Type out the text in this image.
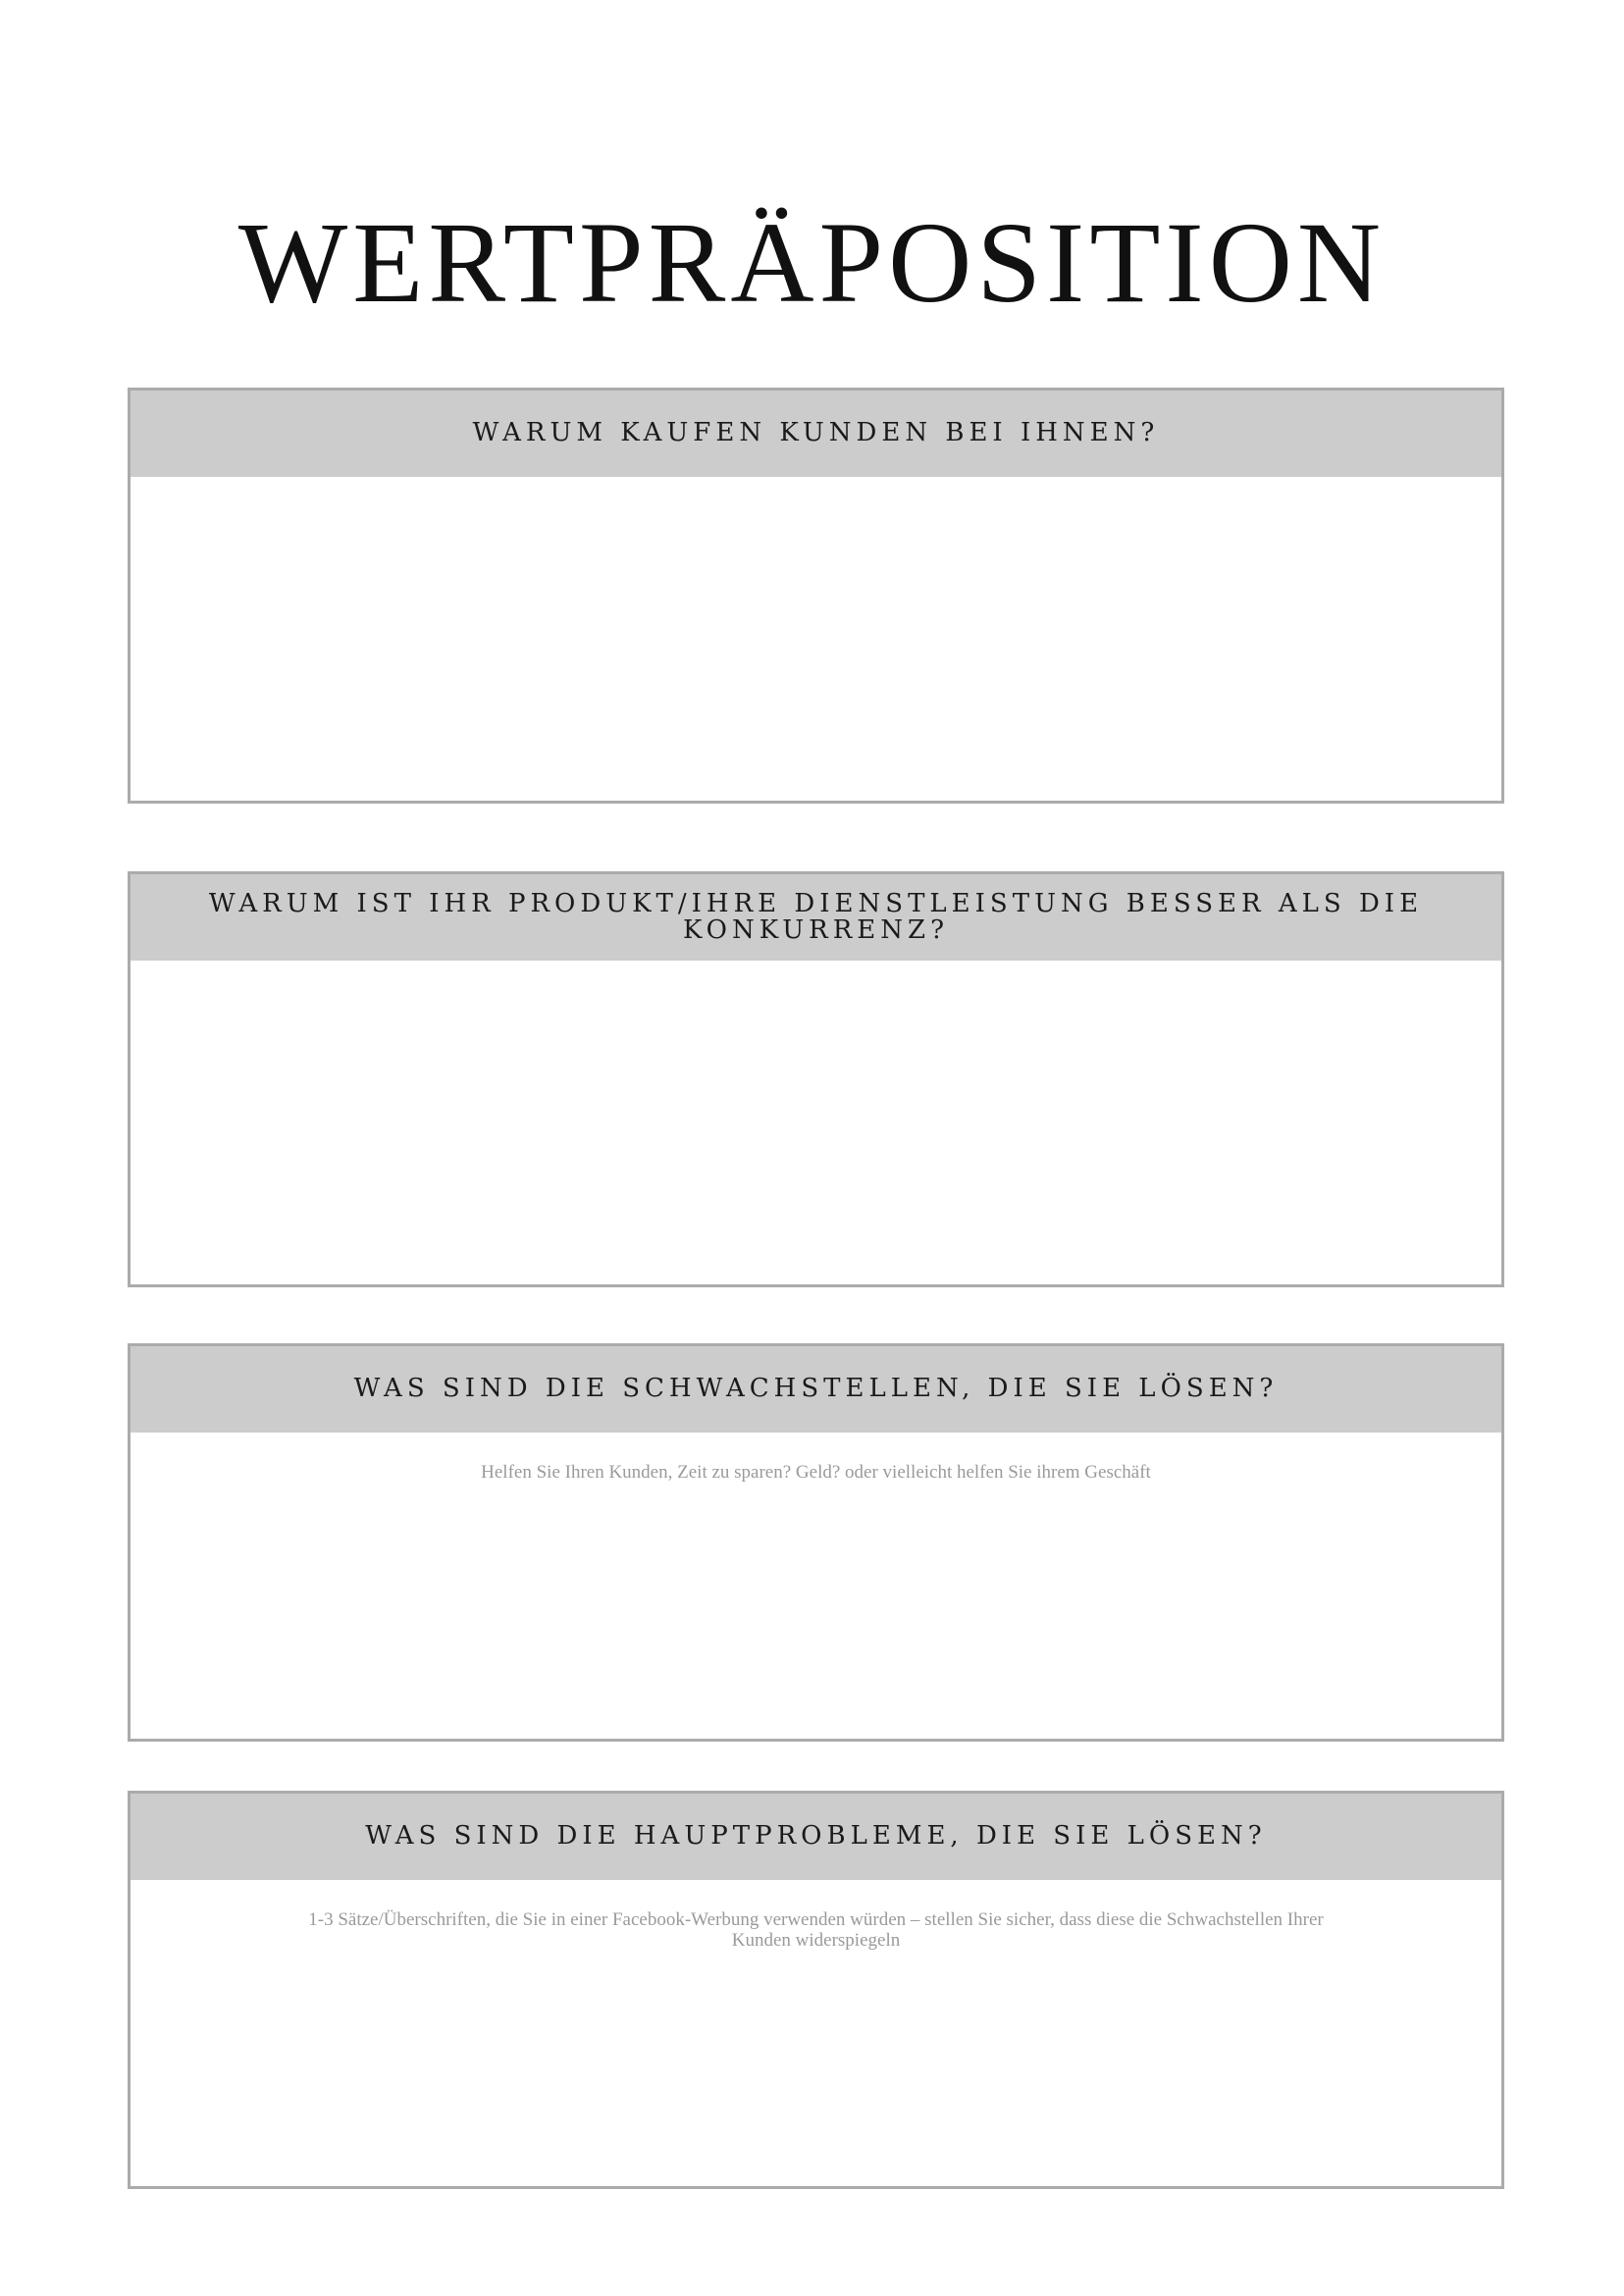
WERTPRÄPOSITION
WARUM KAUFEN KUNDEN BEI IHNEN?
WARUM IST IHR PRODUKT/IHRE DIENSTLEISTUNG BESSER ALS DIE KONKURRENZ?
WAS SIND DIE SCHWACHSTELLEN, DIE SIE LÖSEN?
Helfen Sie Ihren Kunden, Zeit zu sparen? Geld? oder vielleicht helfen Sie ihrem Geschäft
WAS SIND DIE HAUPTPROBLEME, DIE SIE LÖSEN?
1-3 Sätze/Überschriften, die Sie in einer Facebook-Werbung verwenden würden – stellen Sie sicher, dass diese die Schwachstellen Ihrer Kunden widerspiegeln
